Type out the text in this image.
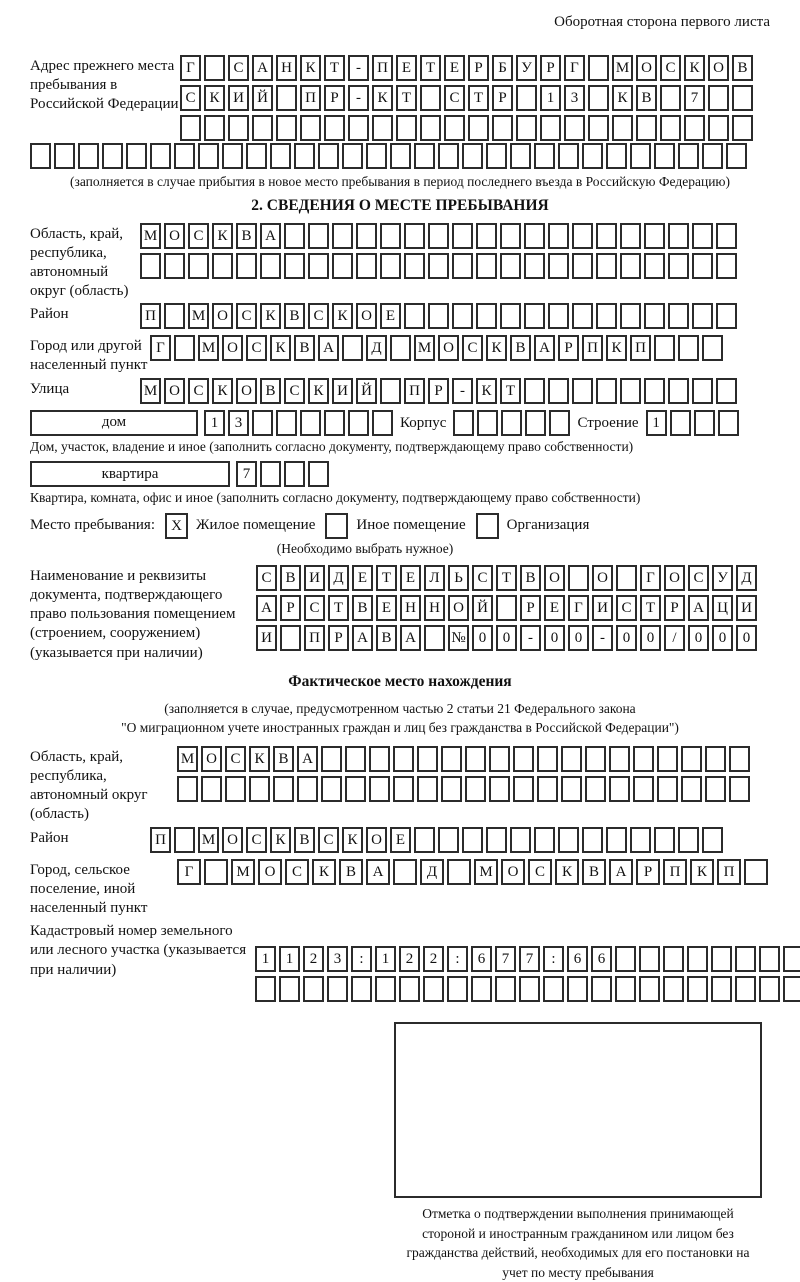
Оборотная сторона первого листа
Адрес прежнего места пребывания в Российской Федерации
Г	С А Н К Т	-	П Е Т Е	Р	Б У Р	Г	М О С К О В
С К И Й	П Р	-	К Т	С Т	Р	1	3	К В	7
(заполняется в случае прибытия в новое место пребывания в период последнего въезда в Российскую Федерацию)
2. СВЕДЕНИЯ О МЕСТЕ ПРЕБЫВАНИЯ
Область, край, республика, автономный округ (область)
М О С К В А
Район	П	М О С К В С К О Е
Город или другой населенный пункт
Г	М О С К В А	Д	М О С К В А Р П К П
Улица	М О С К О В С К И Й	П Р	-	К Т
дом	1	3	Корпус	Строение 1
Дом, участок, владение и иное (заполнить согласно документу, подтверждающему право собственности)
квартира	7
Квартира, комната, офис и иное (заполнить согласно документу, подтверждающему право собственности)
Место пребывания:	X Жилое помещение	Иное помещение	Организация
(Необходимо выбрать нужное)
Наименование и реквизиты документа, подтверждающего право пользования помещением (строением, сооружением) (указывается при наличии)
С В И Д Е Т Е Л Ь С Т В О	О	Г О С У Д
А Р С Т В Е Н Н О Й	Р	Е	Г И С Т	Р А Ц И
И	П Р А В А	№ 0	0	-	0	0	-	0	0	/	0	0	0
Фактическое место нахождения
(заполняется в случае, предусмотренном частью 2 статьи 21 Федерального закона
"О миграционном учете иностранных граждан и лиц без гражданства в Российской Федерации")
Область, край, республика, автономный округ (область)
М О С К В А
Район	П	М О С К В С К О Е
Город, сельское поселение, иной населенный пункт
Г	М О	С	К	В	А	Д	М О	С	К	В	А	Р	П	К	П
Кадастровый номер земельного или лесного участка (указывается при наличии)
1	1	2	3	:	1	2	2	:	6	7	7	:	6	6
Отметка о подтверждении выполнения принимающей стороной и иностранным гражданином или лицом без гражданства действий, необходимых для его постановки на учет по месту пребывания
